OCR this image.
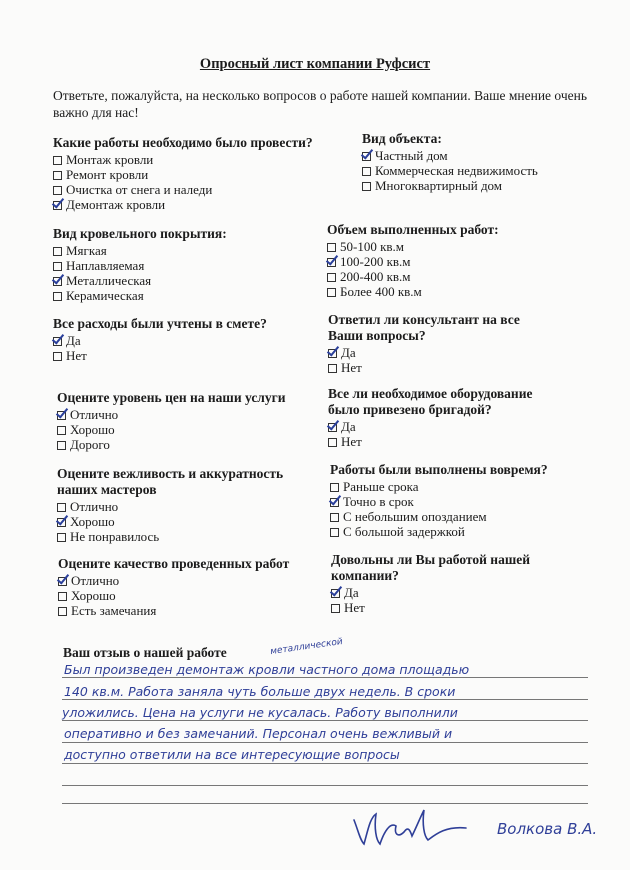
Опросный лист компании Руфсист
Ответьте, пожалуйста, на несколько вопросов о работе нашей компании. Ваше мнение очень важно для нас!
Какие работы необходимо было провести?
Монтаж кровли
Ремонт кровли
Очистка от снега и наледи
Демонтаж кровли
Вид кровельного покрытия:
Мягкая
Наплавляемая
Металлическая
Керамическая
Все расходы были учтены в смете?
Да
Нет
Оцените уровень цен на наши услуги
Отлично
Хорошо
Дорого
Оцените вежливость и аккуратность наших мастеров
Отлично
Хорошо
Не понравилось
Оцените качество проведенных работ
Отлично
Хорошо
Есть замечания
Вид объекта:
Частный дом
Коммерческая недвижимость
Многоквартирный дом
Объем выполненных работ:
50-100 кв.м
100-200 кв.м
200-400 кв.м
Более 400 кв.м
Ответил ли консультант на все Ваши вопросы?
Да
Нет
Все ли необходимое оборудование было привезено бригадой?
Да
Нет
Работы были выполнены вовремя?
Раньше срока
Точно в срок
С небольшим опозданием
С большой задержкой
Довольны ли Вы работой нашей компании?
Да
Нет
Ваш отзыв о нашей работе	металлической
Был произведен демонтаж кровли частного дома площадью
140 кв.м. Работа заняла чуть больше двух недель. В сроки
уложились. Цена на услуги не кусалась. Работу выполнили
оперативно и без замечаний. Персонал очень вежливый и
доступно ответили на все интересующие вопросы
Волкова В.А.
